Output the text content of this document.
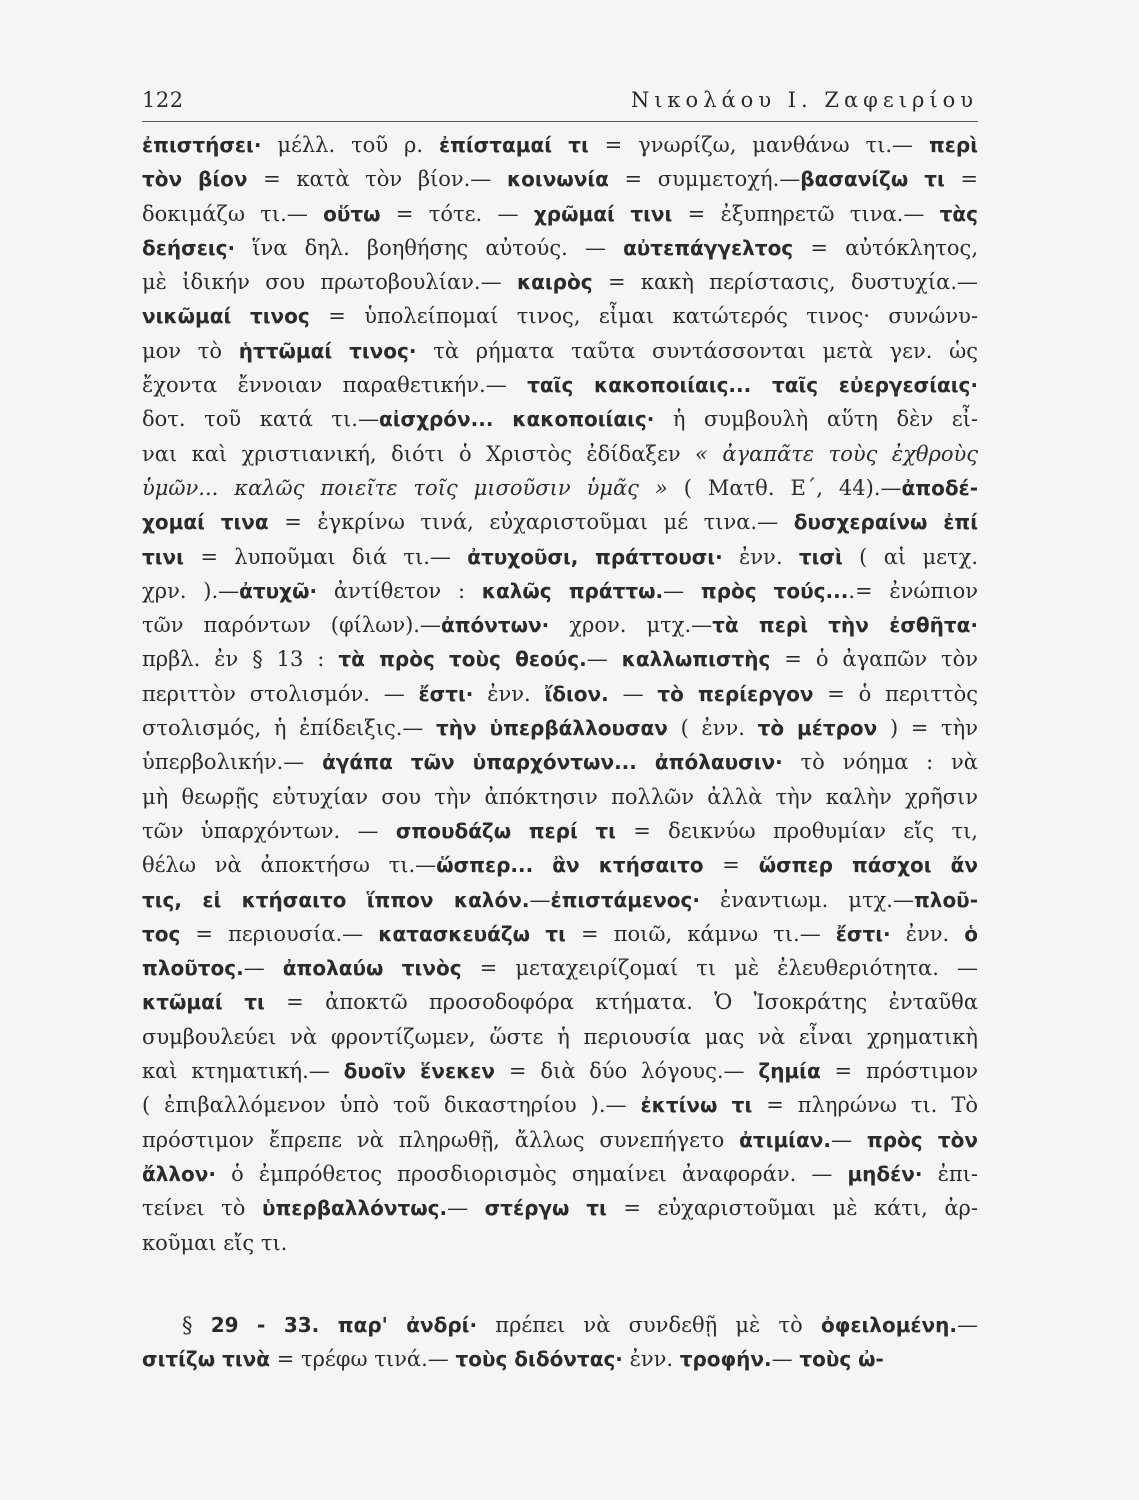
122	Νικολάου Ι. Ζαφειρίου
ἐπιστήσει· μέλλ. τοῦ ρ. ἐπίσταμαί τι = γνωρίζω, μανθάνω τι.— περὶ
τὸν βίον = κατὰ τὸν βίον.— κοινωνία = συμμετοχή.—βασανίζω τι =
δοκιμάζω τι.— οὕτω = τότε. — χρῶμαί τινι = ἐξυπηρετῶ τινα.— τὰς
δεήσεις· ἵνα δηλ. βοηθήσης αὐτούς. — αὐτεπάγγελτος = αὐτόκλητος,
μὲ ἰδικήν σου πρωτοβουλίαν.— καιρὸς = κακὴ περίστασις, δυστυχία.—
νικῶμαί τινος = ὑπολείπομαί τινος, εἶμαι κατώτερός τινος· συνώνυ-
μον τὸ ἡττῶμαί τινος· τὰ ρήματα ταῦτα συντάσσονται μετὰ γεν. ὡς
ἔχοντα ἔννοιαν παραθετικήν.— ταῖς κακοποιίαις... ταῖς εὐεργεσίαις·
δοτ. τοῦ κατά τι.—αἰσχρόν... κακοποιίαις· ἡ συμβουλὴ αὕτη δὲν εἶ-
ναι καὶ χριστιανική, διότι ὁ Χριστὸς ἐδίδαξεν « ἀγαπᾶτε τοὺς ἐχθροὺς
ὑμῶν... καλῶς ποιεῖτε τοῖς μισοῦσιν ὑμᾶς » ( Ματθ. Ε΄, 44).—ἀποδέ-
χομαί τινα = ἐγκρίνω τινά, εὐχαριστοῦμαι μέ τινα.— δυσχεραίνω ἐπί
τινι = λυποῦμαι διά τι.— ἀτυχοῦσι, πράττουσι· ἐνν. τισὶ ( αἱ μετχ.
χρν. ).—ἀτυχῶ· ἀντίθετον : καλῶς πράττω.— πρὸς τούς....= ἐνώπιον
τῶν παρόντων (φίλων).—ἀπόντων· χρον. μτχ.—τὰ περὶ τὴν ἐσθῆτα·
πρβλ. ἐν § 13 : τὰ πρὸς τοὺς θεούς.— καλλωπιστὴς = ὁ ἀγαπῶν τὸν
περιττὸν στολισμόν. — ἔστι· ἐνν. ἴδιον. — τὸ περίεργον = ὁ περιττὸς
στολισμός, ἡ ἐπίδειξις.— τὴν ὑπερβάλλουσαν ( ἐνν. τὸ μέτρον ) = τὴν
ὑπερβολικήν.— ἀγάπα τῶν ὑπαρχόντων... ἀπόλαυσιν· τὸ νόημα : νὰ
μὴ θεωρῇς εὐτυχίαν σου τὴν ἀπόκτησιν πολλῶν ἀλλὰ τὴν καλὴν χρῆσιν
τῶν ὑπαρχόντων. — σπουδάζω περί τι = δεικνύω προθυμίαν εἴς τι,
θέλω νὰ ἀποκτήσω τι.—ὥσπερ... ἂν κτήσαιτο = ὥσπερ πάσχοι ἄν
τις, εἰ κτήσαιτο ἵππον καλόν.—ἐπιστάμενος· ἐναντιωμ. μτχ.—πλοῦ-
τος = περιουσία.— κατασκευάζω τι = ποιῶ, κάμνω τι.— ἔστι· ἐνν. ὁ
πλοῦτος.— ἀπολαύω τινὸς = μεταχειρίζομαί τι μὲ ἐλευθεριότητα. —
κτῶμαί τι = ἀποκτῶ προσοδοφόρα κτήματα. Ὁ Ἰσοκράτης ἐνταῦθα
συμβουλεύει νὰ φροντίζωμεν, ὥστε ἡ περιουσία μας νὰ εἶναι χρηματικὴ
καὶ κτηματική.— δυοῖν ἕνεκεν = διὰ δύο λόγους.— ζημία = πρόστιμον
( ἐπιβαλλόμενον ὑπὸ τοῦ δικαστηρίου ).— ἐκτίνω τι = πληρώνω τι. Τὸ
πρόστιμον ἔπρεπε νὰ πληρωθῇ, ἄλλως συνεπήγετο ἀτιμίαν.— πρὸς τὸν
ἄλλον· ὁ ἐμπρόθετος προσδιορισμὸς σημαίνει ἀναφοράν. — μηδέν· ἐπι-
τείνει τὸ ὑπερβαλλόντως.— στέργω τι = εὐχαριστοῦμαι μὲ κάτι, ἀρ-
κοῦμαι εἴς τι.
§ 29 - 33. παρ' ἀνδρί· πρέπει νὰ συνδεθῇ μὲ τὸ ὀφειλομένη.—
σιτίζω τινὰ = τρέφω τινά.— τοὺς διδόντας· ἐνν. τροφήν.— τοὺς ὠ-
